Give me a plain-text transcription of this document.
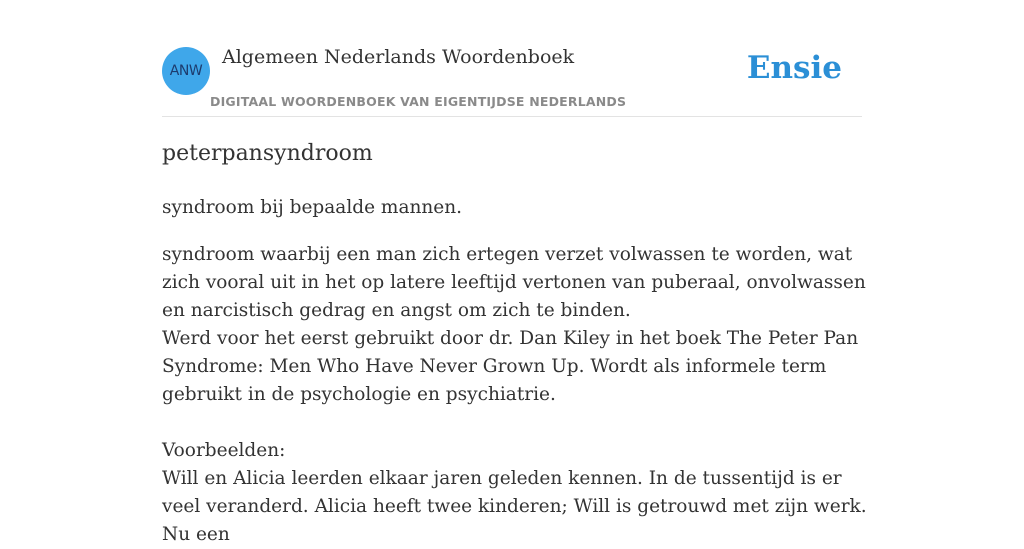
ANW
Algemeen Nederlands Woordenboek
DIGITAAL WOORDENBOEK VAN EIGENTIJDSE NEDERLANDS
Ensie
peterpansyndroom
syndroom bij bepaalde mannen.

syndroom waarbij een man zich ertegen verzet volwassen te worden, wat zich vooral uit in het op latere leeftijd vertonen van puberaal, onvolwassen en narcistisch gedrag en angst om zich te binden.

Werd voor het eerst gebruikt door dr. Dan Kiley in het boek The Peter Pan Syndrome: Men Who Have Never Grown Up. Wordt als informele term gebruikt in de psychologie en psychiatrie.

Voorbeelden:

Will en Alicia leerden elkaar jaren geleden kennen. In de tussentijd is er veel veranderd. Alicia heeft twee kinderen; Will is getrouwd met zijn werk. Nu een
